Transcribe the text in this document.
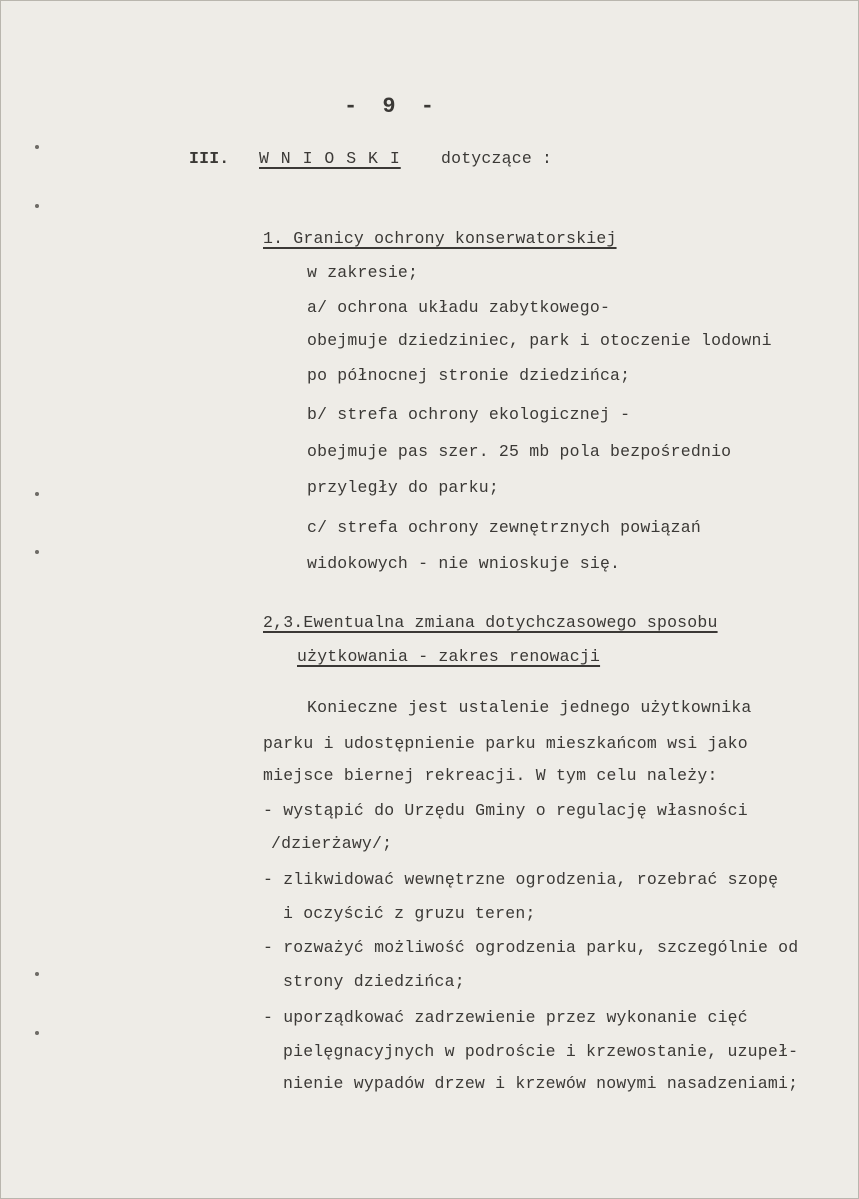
- 9 -
III. W N I O S K I dotyczące :
1. Granicy ochrony konserwatorskiej
w zakresie;
a/ ochrona układu zabytkowego-
obejmuje dziedziniec, park i otoczenie lodowni
po północnej stronie dziedzińca;
b/ strefa ochrony ekologicznej -
obejmuje pas szer. 25 mb pola bezpośrednio
przyległy do parku;
c/ strefa ochrony zewnętrznych powiązań
widokowych - nie wnioskuje się.
2,3.Ewentualna zmiana dotychczasowego sposobu
użytkowania - zakres renowacji
Konieczne jest ustalenie jednego użytkownika
parku i udostępnienie parku mieszkańcom wsi jako
miejsce biernej rekreacji. W tym celu należy:
- wystąpić do Urzędu Gminy o regulację własności
/dzierżawy/;
- zlikwidować wewnętrzne ogrodzenia, rozebrać szopę
i oczyścić z gruzu teren;
- rozważyć możliwość ogrodzenia parku, szczególnie od
strony dziedzińca;
- uporządkować zadrzewienie przez wykonanie cięć
pielęgnacyjnych w podroście i krzewostanie, uzupeł-
nienie wypadów drzew i krzewów nowymi nasadzeniami;
